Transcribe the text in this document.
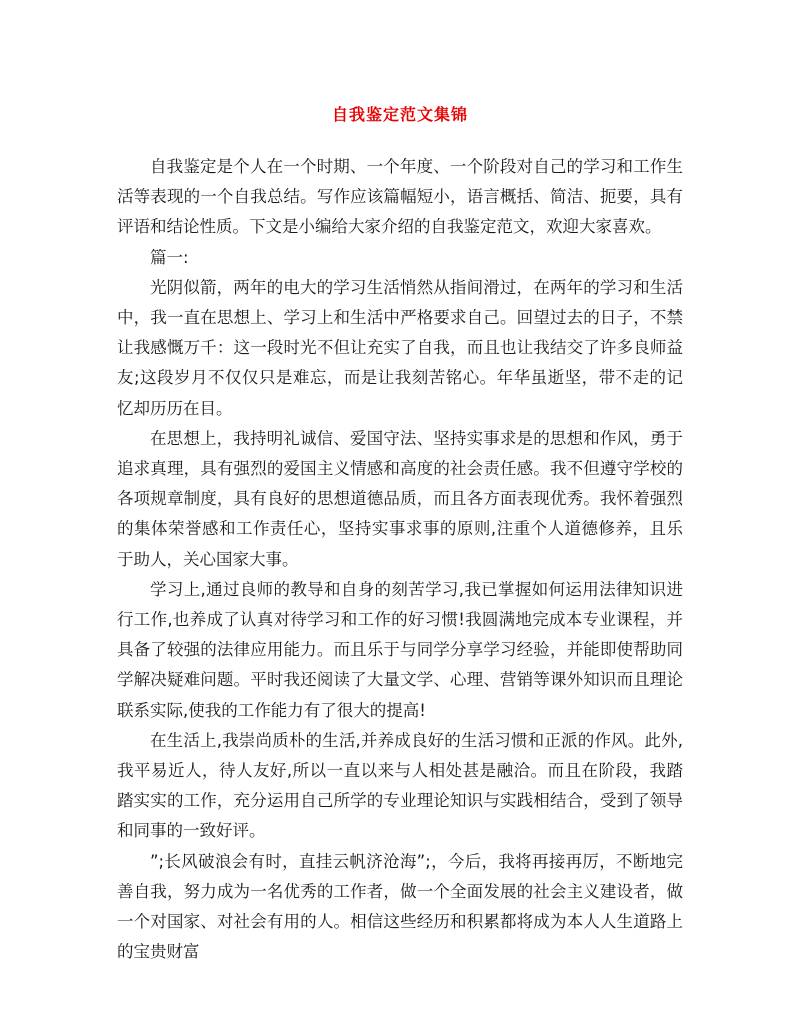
自我鉴定范文集锦

自我鉴定是个人在一个时期、一个年度、一个阶段对自己的学习和工作生活等表现的一个自我总结。写作应该篇幅短小，语言概括、简洁、扼要，具有评语和结论性质。下文是小编给大家介绍的自我鉴定范文，欢迎大家喜欢。

篇一:

光阴似箭，两年的电大的学习生活悄然从指间滑过，在两年的学习和生活中，我一直在思想上、学习上和生活中严格要求自己。回望过去的日子，不禁让我感慨万千：这一段时光不但让充实了自我，而且也让我结交了许多良师益友;这段岁月不仅仅只是难忘，而是让我刻苦铭心。年华虽逝坚，带不走的记忆却历历在目。

在思想上，我持明礼诚信、爱国守法、坚持实事求是的思想和作风，勇于追求真理，具有强烈的爱国主义情感和高度的社会责任感。我不但遵守学校的各项规章制度，具有良好的思想道德品质，而且各方面表现优秀。我怀着强烈的集体荣誉感和工作责任心，坚持实事求事的原则,注重个人道德修养，且乐于助人，关心国家大事。

学习上,通过良师的教导和自身的刻苦学习,我已掌握如何运用法律知识进行工作,也养成了认真对待学习和工作的好习惯!我圆满地完成本专业课程，并具备了较强的法律应用能力。而且乐于与同学分享学习经验，并能即使帮助同学解决疑难问题。平时我还阅读了大量文学、心理、营销等课外知识而且理论联系实际,使我的工作能力有了很大的提高!

在生活上,我崇尚质朴的生活,并养成良好的生活习惯和正派的作风。此外,我平易近人，待人友好,所以一直以来与人相处甚是融洽。而且在阶段，我踏踏实实的工作，充分运用自己所学的专业理论知识与实践相结合，受到了领导和同事的一致好评。

”;长风破浪会有时，直挂云帆济沧海”;，今后，我将再接再厉，不断地完善自我，努力成为一名优秀的工作者，做一个全面发展的社会主义建设者，做一个对国家、对社会有用的人。相信这些经历和积累都将成为本人人生道路上的宝贵财富
